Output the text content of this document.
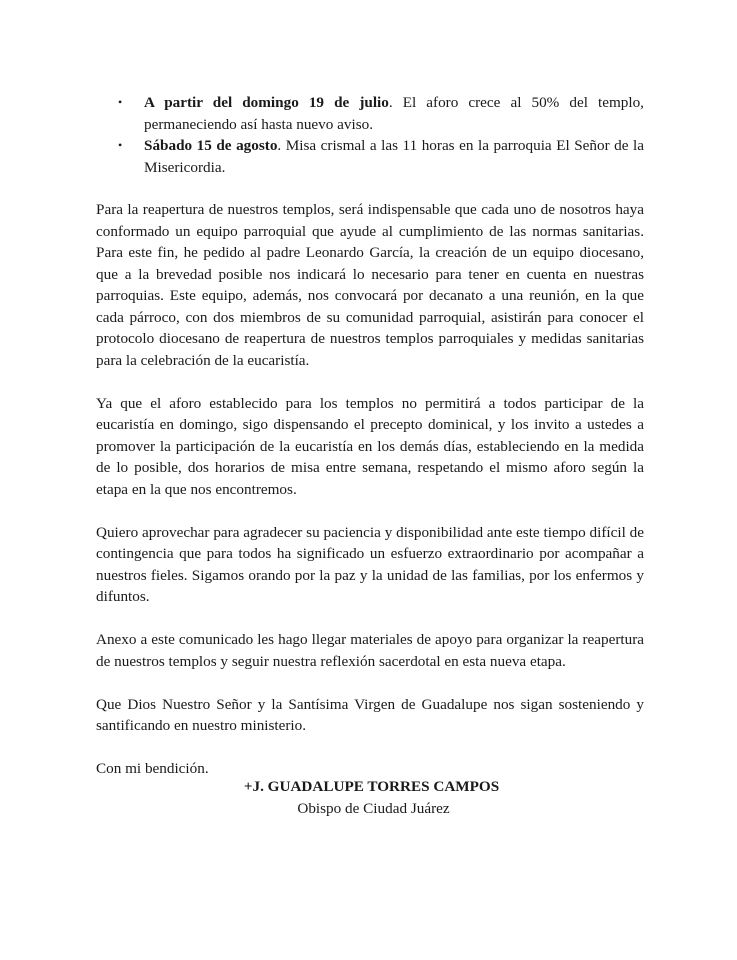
• A partir del domingo 19 de julio. El aforo crece al 50% del templo, permaneciendo así hasta nuevo aviso.
• Sábado 15 de agosto. Misa crismal a las 11 horas en la parroquia El Señor de la Misericordia.

Para la reapertura de nuestros templos, será indispensable que cada uno de nosotros haya conformado un equipo parroquial que ayude al cumplimiento de las normas sanitarias. Para este fin, he pedido al padre Leonardo García, la creación de un equipo diocesano, que a la brevedad posible nos indicará lo necesario para tener en cuenta en nuestras parroquias. Este equipo, además, nos convocará por decanato a una reunión, en la que cada párroco, con dos miembros de su comunidad parroquial, asistirán para conocer el protocolo diocesano de reapertura de nuestros templos parroquiales y medidas sanitarias para la celebración de la eucaristía.

Ya que el aforo establecido para los templos no permitirá a todos participar de la eucaristía en domingo, sigo dispensando el precepto dominical, y los invito a ustedes a promover la participación de la eucaristía en los demás días, estableciendo en la medida de lo posible, dos horarios de misa entre semana, respetando el mismo aforo según la etapa en la que nos encontremos.

Quiero aprovechar para agradecer su paciencia y disponibilidad ante este tiempo difícil de contingencia que para todos ha significado un esfuerzo extraordinario por acompañar a nuestros fieles. Sigamos orando por la paz y la unidad de las familias, por los enfermos y difuntos.

Anexo a este comunicado les hago llegar materiales de apoyo para organizar la reapertura de nuestros templos y seguir nuestra reflexión sacerdotal en esta nueva etapa.

Que Dios Nuestro Señor y la Santísima Virgen de Guadalupe nos sigan sosteniendo y santificando en nuestro ministerio.

Con mi bendición.

+J. GUADALUPE TORRES CAMPOS
Obispo de Ciudad Juárez
